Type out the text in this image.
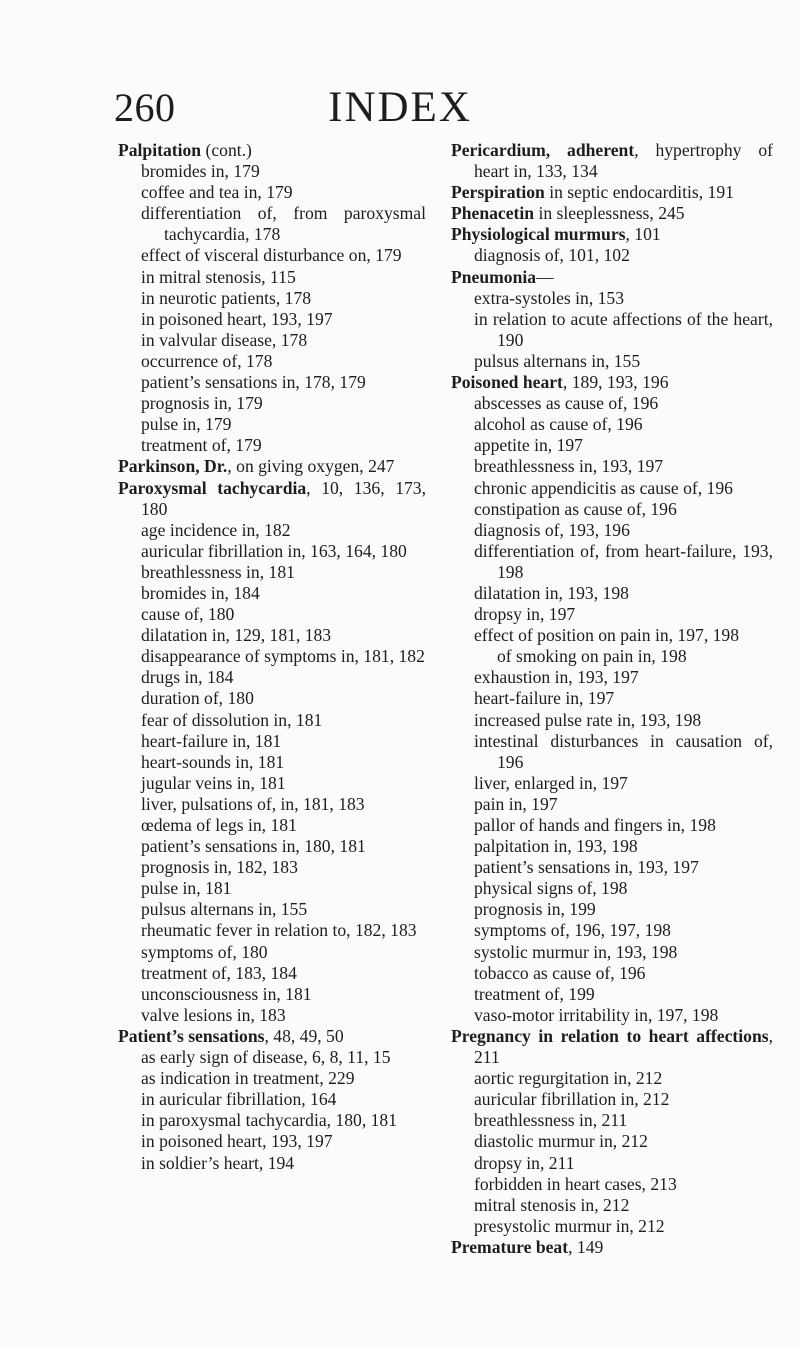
260	INDEX
Palpitation (cont.)
bromides in, 179
coffee and tea in, 179
differentiation of, from paroxysmal tachycardia, 178
effect of visceral disturbance on, 179
in mitral stenosis, 115
in neurotic patients, 178
in poisoned heart, 193, 197
in valvular disease, 178
occurrence of, 178
patient’s sensations in, 178, 179
prognosis in, 179
pulse in, 179
treatment of, 179
Parkinson, Dr., on giving oxygen, 247
Paroxysmal tachycardia, 10, 136, 173, 180
age incidence in, 182
auricular fibrillation in, 163, 164, 180
breathlessness in, 181
bromides in, 184
cause of, 180
dilatation in, 129, 181, 183
disappearance of symptoms in, 181, 182
drugs in, 184
duration of, 180
fear of dissolution in, 181
heart-failure in, 181
heart-sounds in, 181
jugular veins in, 181
liver, pulsations of, in, 181, 183
œdema of legs in, 181
patient’s sensations in, 180, 181
prognosis in, 182, 183
pulse in, 181
pulsus alternans in, 155
rheumatic fever in relation to, 182, 183
symptoms of, 180
treatment of, 183, 184
unconsciousness in, 181
valve lesions in, 183
Patient’s sensations, 48, 49, 50
as early sign of disease, 6, 8, 11, 15
as indication in treatment, 229
in auricular fibrillation, 164
in paroxysmal tachycardia, 180, 181
in poisoned heart, 193, 197
in soldier’s heart, 194
Pericardium, adherent, hypertrophy of heart in, 133, 134
Perspiration in septic endocarditis, 191
Phenacetin in sleeplessness, 245
Physiological murmurs, 101
diagnosis of, 101, 102
Pneumonia—
extra-systoles in, 153
in relation to acute affections of the heart, 190
pulsus alternans in, 155
Poisoned heart, 189, 193, 196
abscesses as cause of, 196
alcohol as cause of, 196
appetite in, 197
breathlessness in, 193, 197
chronic appendicitis as cause of, 196
constipation as cause of, 196
diagnosis of, 193, 196
differentiation of, from heart-failure, 193, 198
dilatation in, 193, 198
dropsy in, 197
effect of position on pain in, 197, 198
of smoking on pain in, 198
exhaustion in, 193, 197
heart-failure in, 197
increased pulse rate in, 193, 198
intestinal disturbances in causation of, 196
liver, enlarged in, 197
pain in, 197
pallor of hands and fingers in, 198
palpitation in, 193, 198
patient’s sensations in, 193, 197
physical signs of, 198
prognosis in, 199
symptoms of, 196, 197, 198
systolic murmur in, 193, 198
tobacco as cause of, 196
treatment of, 199
vaso-motor irritability in, 197, 198
Pregnancy in relation to heart affections, 211
aortic regurgitation in, 212
auricular fibrillation in, 212
breathlessness in, 211
diastolic murmur in, 212
dropsy in, 211
forbidden in heart cases, 213
mitral stenosis in, 212
presystolic murmur in, 212
Premature beat, 149
